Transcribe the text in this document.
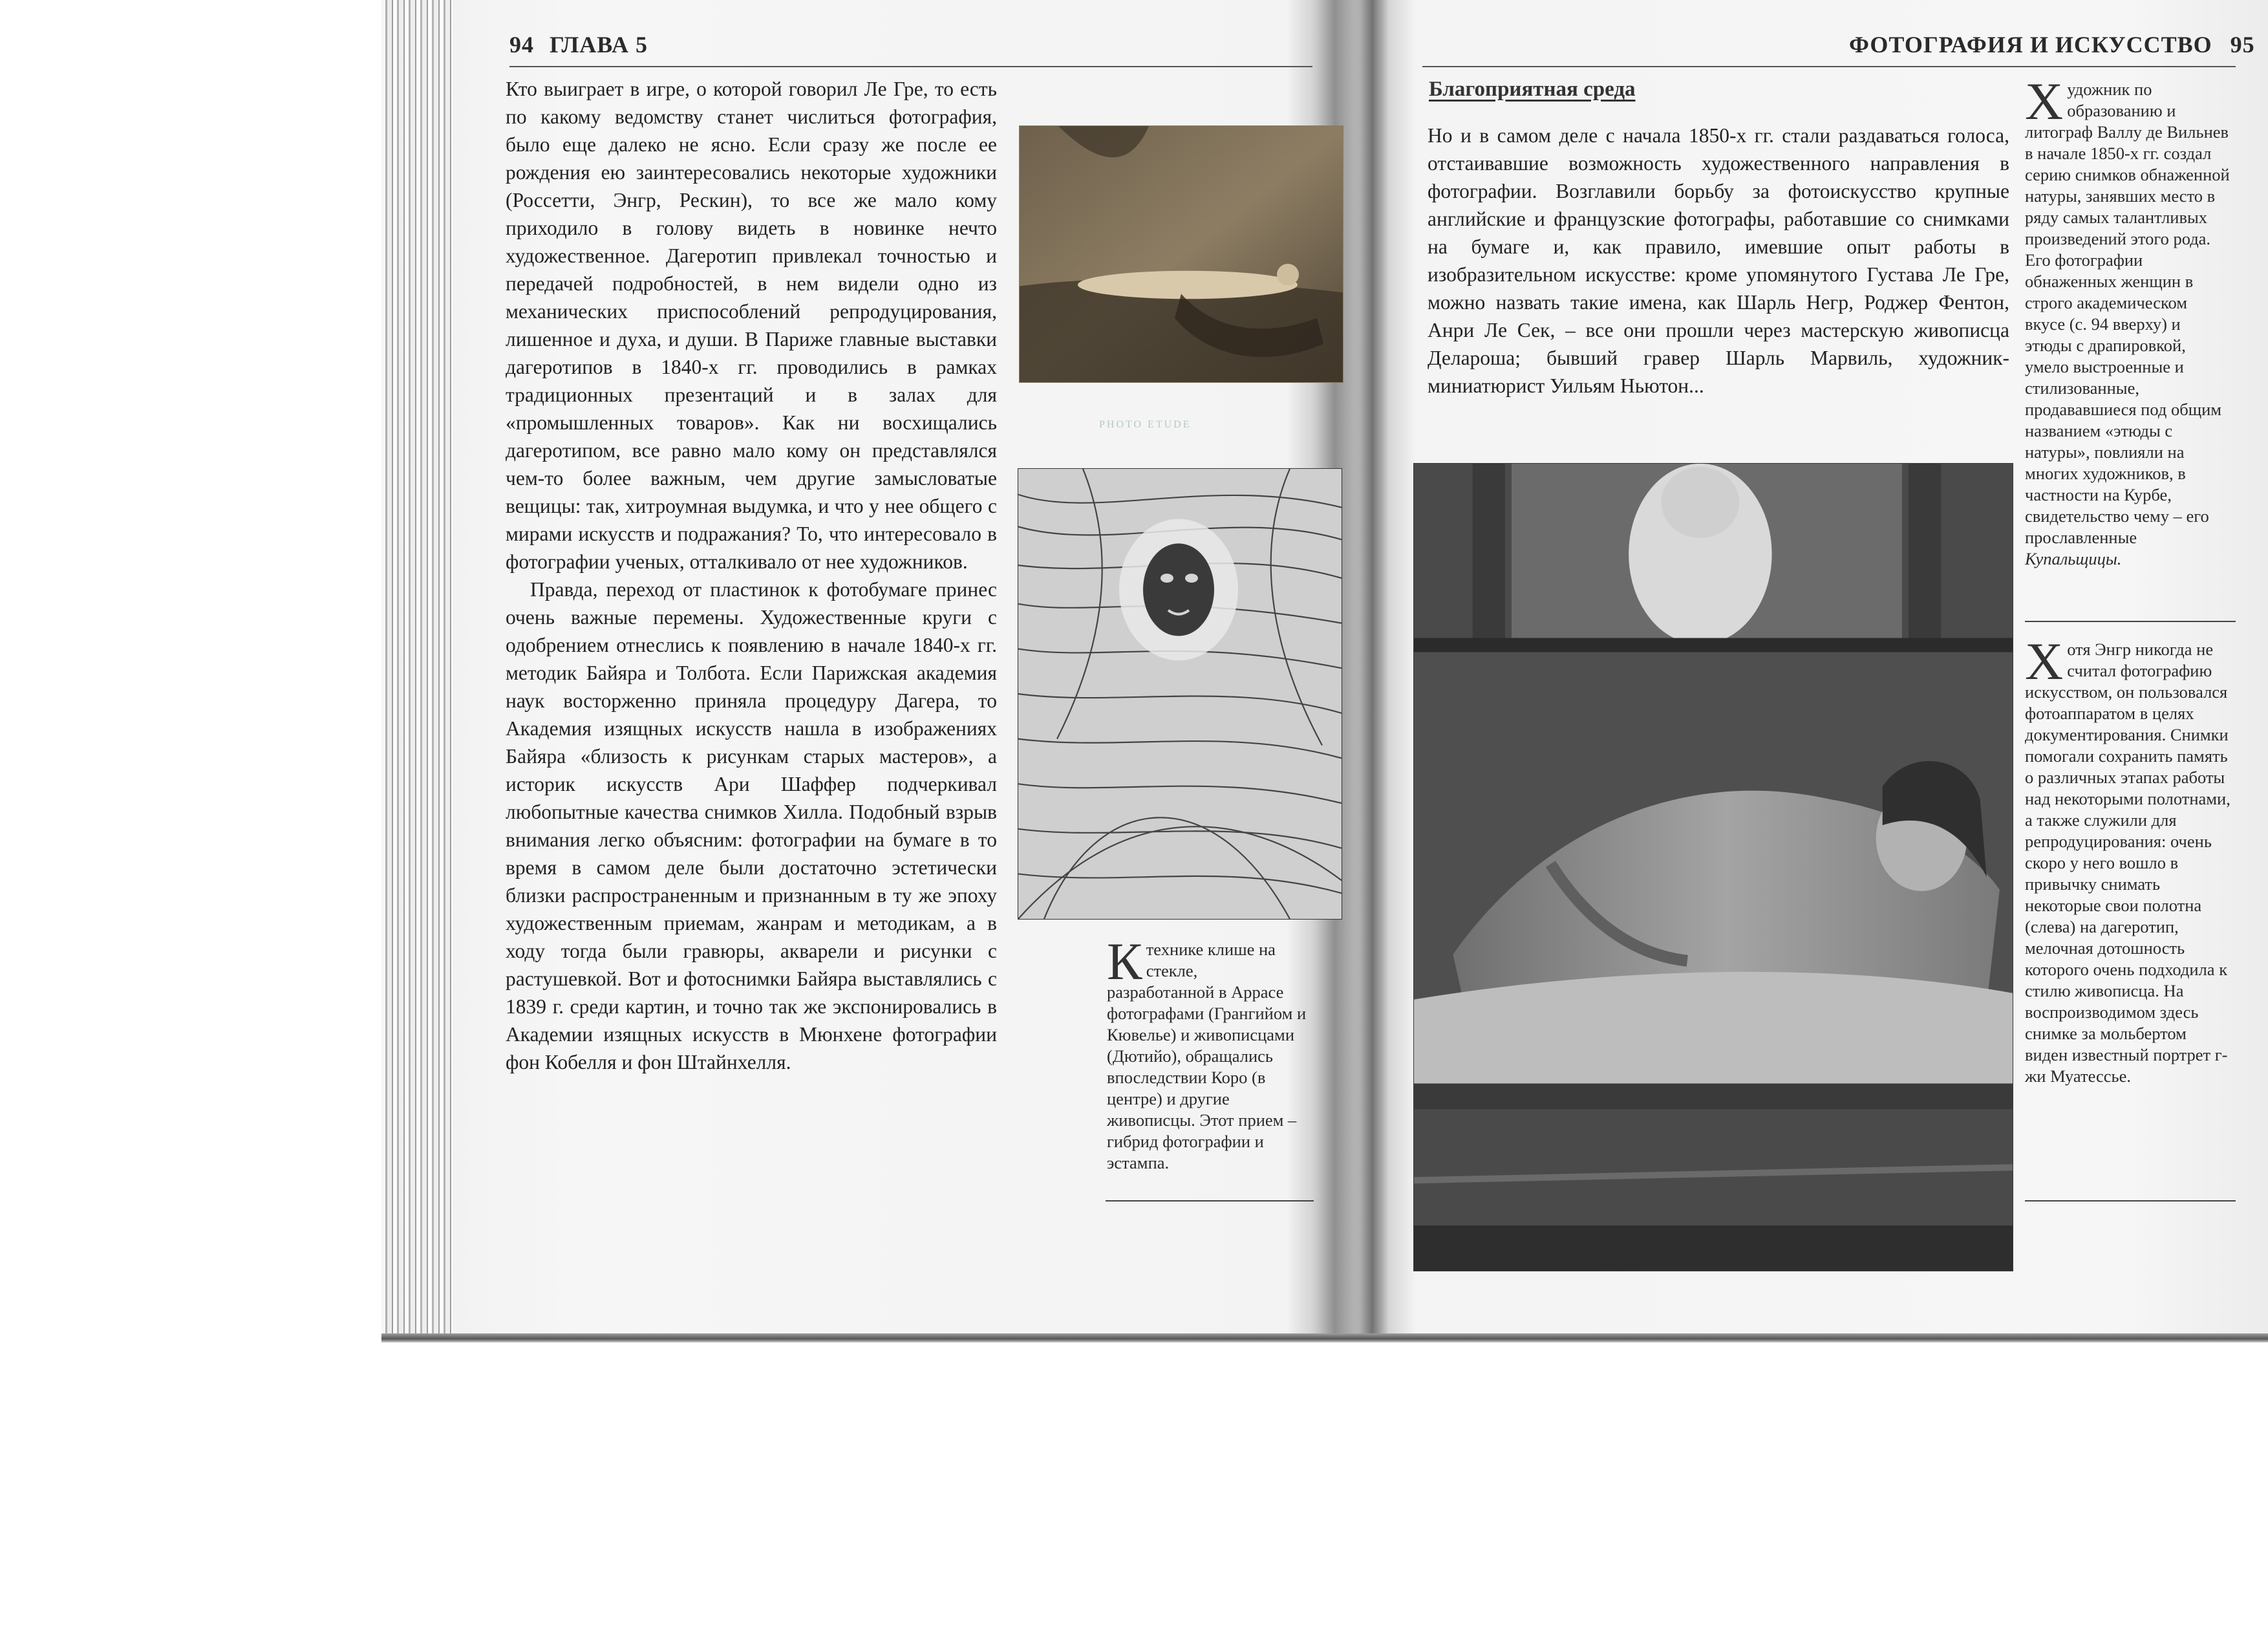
94 ГЛАВА 5

Кто выиграет в игре, о которой говорил Ле Гре, то есть по какому ведомству станет числиться фотография, было еще далеко не ясно. Если сразу же после ее рождения ею заинтересовались некоторые художники (Россетти, Энгр, Рескин), то все же мало кому приходило в голову видеть в новинке нечто художественное. Дагеротип привлекал точностью и передачей подробностей, в нем видели одно из механических приспособлений репродуцирования, лишенное и духа, и души. В Париже главные выставки дагеротипов в 1840-х гг. проводились в рамках традиционных презентаций и в залах для «промышленных товаров». Как ни восхищались дагеротипом, все равно мало кому он представлялся чем-то более важным, чем другие замысловатые вещицы: так, хитроумная выдумка, и что у нее общего с мирами искусств и подражания? То, что интересовало в фотографии ученых, отталкивало от нее художников.

Правда, переход от пластинок к фотобумаге принес очень важные перемены. Художественные круги с одобрением отнеслись к появлению в начале 1840-х гг. методик Байяра и Толбота. Если Парижская академия наук восторженно приняла процедуру Дагера, то Академия изящных искусств нашла в изображениях Байяра «близость к рисункам старых мастеров», а историк искусств Ари Шаффер подчеркивал любопытные качества снимков Хилла. Подобный взрыв внимания легко объясним: фотографии на бумаге в то время в самом деле были достаточно эстетически близки распространенным и признанным в ту же эпоху художественным приемам, жанрам и методикам, а в ходу тогда были гравюры, акварели и рисунки с растушевкой. Вот и фотоснимки Байяра выставлялись с 1839 г. среди картин, и точно так же экспонировались в Академии изящных искусств в Мюнхене фотографии фон Кобелля и фон Штайнхелля.

PHOTO ETUDE
К технике клише на стекле, разработанной в Аррасе фотографами (Грангийом и Кювелье) и живописцами (Дютийо), обращались впоследствии Коро (в центре) и другие живописцы. Этот прием – гибрид фотографии и эстампа.
ФОТОГРАФИЯ И ИСКУССТВО 95
Благоприятная среда

Но и в самом деле с начала 1850-х гг. стали раздаваться голоса, отстаивавшие возможность художественного направления в фотографии. Возглавили борьбу за фотоискусство крупные английские и французские фотографы, работавшие со снимками на бумаге и, как правило, имевшие опыт работы в изобразительном искусстве: кроме упомянутого Густава Ле Гре, можно назвать такие имена, как Шарль Негр, Роджер Фентон, Анри Ле Сек, – все они прошли через мастерскую живописца Делароша; бывший гравер Шарль Марвиль, художник-миниатюрист Уильям Ньютон...

Х удожник по образованию и литограф Валлу де Вильнев в начале 1850-х гг. создал серию снимков обнаженной натуры, занявших место в ряду самых талантливых произведений этого рода. Его фотографии обнаженных женщин в строго академическом вкусе (с. 94 вверху) и этюды с драпировкой, умело выстроенные и стилизованные, продававшиеся под общим названием «этюды с натуры», повлияли на многих художников, в частности на Курбе, свидетельство чему – его прославленные Купальщицы.
Х отя Энгр никогда не считал фотографию искусством, он пользовался фотоаппаратом в целях документирования. Снимки помогали сохранить память о различных этапах работы над некоторыми полотнами, а также служили для репродуцирования: очень скоро у него вошло в привычку снимать некоторые свои полотна (слева) на дагеротип, мелочная дотошность которого очень подходила к стилю живописца. На воспроизводимом здесь снимке за мольбертом виден известный портрет г-жи Муатессье.
